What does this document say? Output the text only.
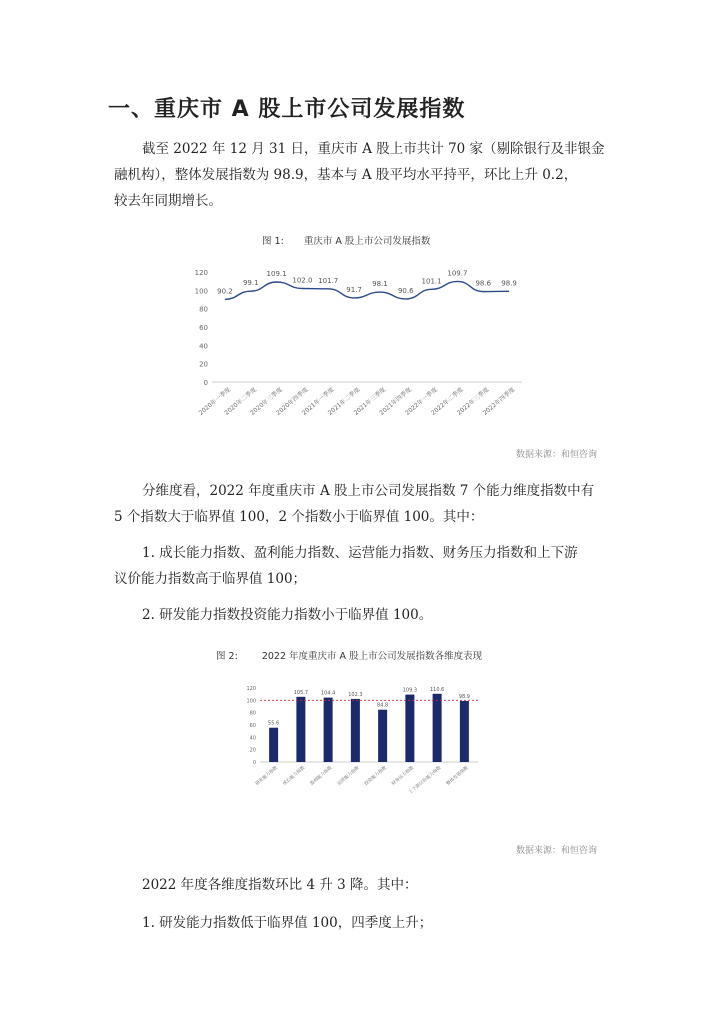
一、重庆市 A 股上市公司发展指数
截至 2022 年 12 月 31 日，重庆市 A 股上市共计 70 家（剔除银行及非银金
融机构），整体发展指数为 98.9，基本与 A 股平均水平持平，环比上升 0.2，
较去年同期增长。
图 1: 重庆市 A 股上市公司发展指数
0
20
40
60
80
100
120
90.2
99.1
109.1
102.0 101.7
91.7
98.1
90.6
101.1
109.7
98.6 98.9
2020年一季度
2020年二季度
2020年三季度
2020年四季度
2021年一季度
2021年二季度
2021年三季度
2021年四季度
2022年一季度
2022年二季度
2022年三季度
2022年四季度
数据来源：和恒咨询
分维度看，2022 年度重庆市 A 股上市公司发展指数 7 个能力维度指数中有
5 个指数大于临界值 100，2 个指数小于临界值 100。其中：
1. 成长能力指数、盈利能力指数、运营能力指数、财务压力指数和上下游
议价能力指数高于临界值 100；
2. 研发能力指数投资能力指数小于临界值 100。
图 2:	2022 年度重庆市 A 股上市公司发展指数各维度表现
0
20
40
60
80
100
120
55.6
105.7	104.4	102.3
84.8
109.3	110.6
98.9
研发能力指数 成长能力指数 盈利能力指数 运营能力指数 投资能力指数 财务压力指数
上下游议价能力指数 整体发展指数
数据来源：和恒咨询
2022 年度各维度指数环比 4 升 3 降。其中：
1. 研发能力指数低于临界值 100，四季度上升；
